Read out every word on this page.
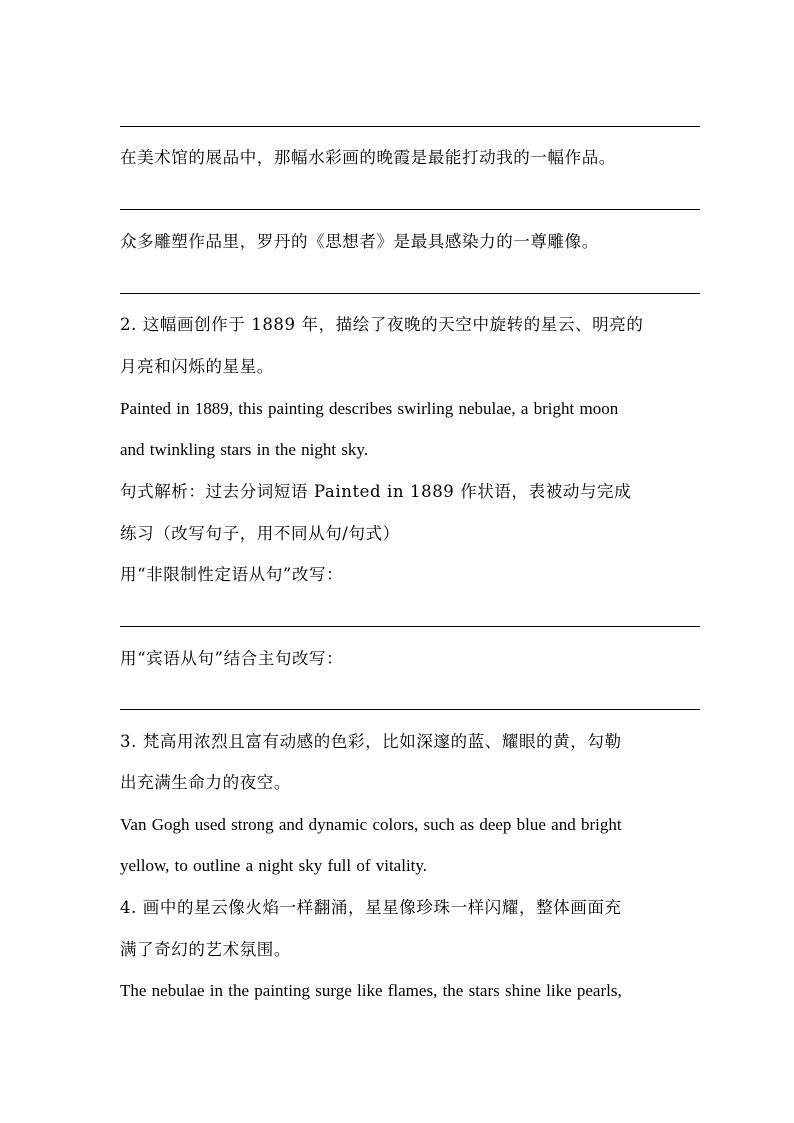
在美术馆的展品中，那幅水彩画的晚霞是最能打动我的一幅作品。
众多雕塑作品里，罗丹的《思想者》是最具感染力的一尊雕像。
2. 这幅画创作于 1889 年，描绘了夜晚的天空中旋转的星云、明亮的
月亮和闪烁的星星。
Painted in 1889, this painting describes swirling nebulae, a bright moon
and twinkling stars in the night sky.
句式解析：过去分词短语 Painted in 1889 作状语，表被动与完成
练习（改写句子，用不同从句/句式）
用“非限制性定语从句”改写：
用“宾语从句”结合主句改写：
3. 梵高用浓烈且富有动感的色彩，比如深邃的蓝、耀眼的黄，勾勒
出充满生命力的夜空。
Van Gogh used strong and dynamic colors, such as deep blue and bright
yellow, to outline a night sky full of vitality.
4. 画中的星云像火焰一样翻涌，星星像珍珠一样闪耀，整体画面充
满了奇幻的艺术氛围。
The nebulae in the painting surge like flames, the stars shine like pearls,
